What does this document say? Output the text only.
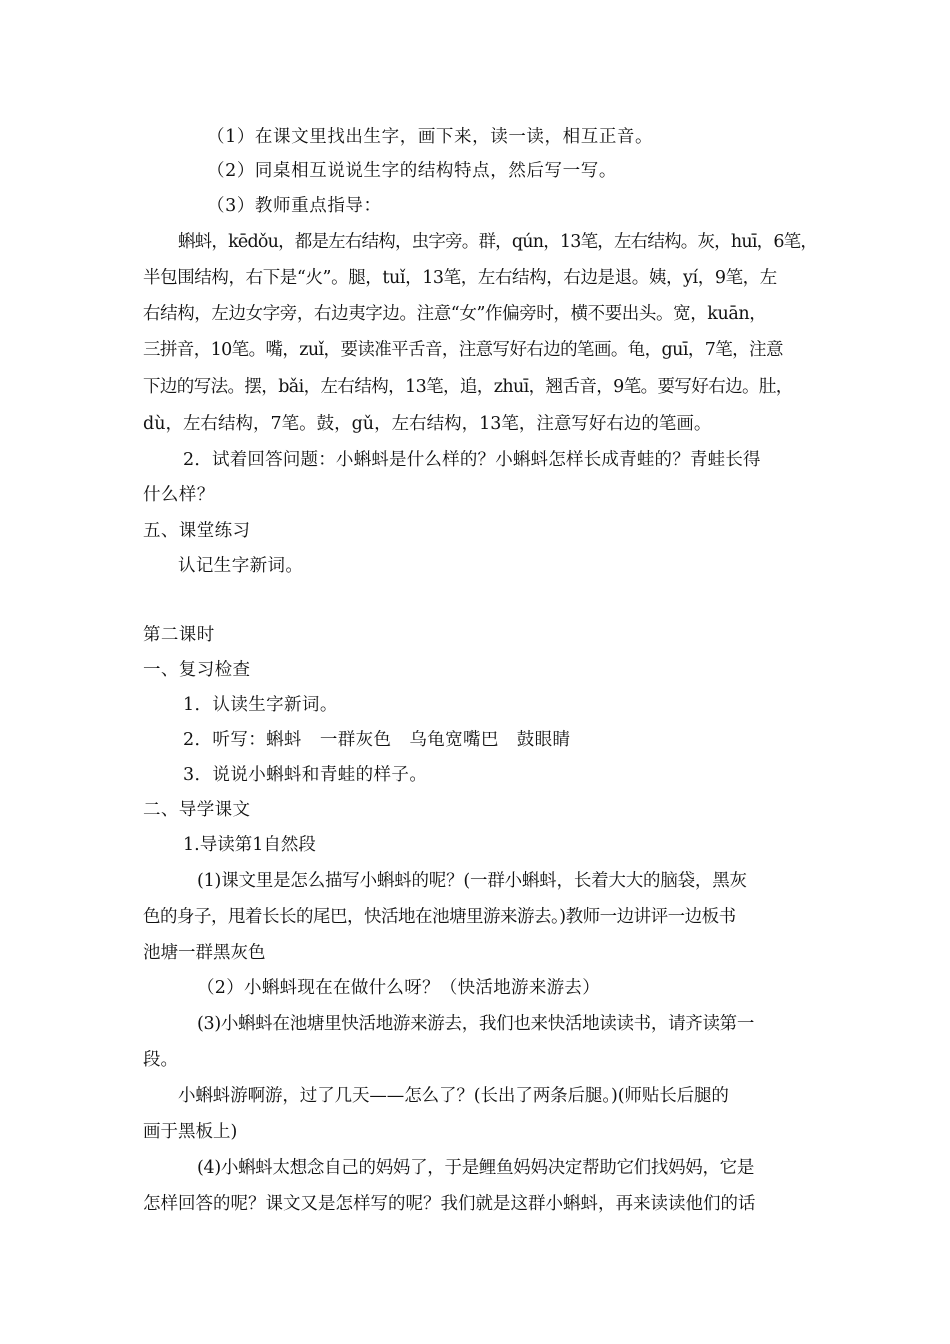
（1）在课文里找出生字，画下来，读一读，相互正音。
（2）同桌相互说说生字的结构特点，然后写一写。
（3）教师重点指导：
蝌蚪，kēdǒu，都是左右结构，虫字旁。群，qún，13笔，左右结构。灰，huī，6笔，
半包围结构，右下是“火”。腿，tuǐ，13笔，左右结构，右边是退。姨，yí，9笔，左
右结构，左边女字旁，右边夷字边。注意“女”作偏旁时，横不要出头。宽，kuān，
三拼音，10笔。嘴，zuǐ，要读准平舌音，注意写好右边的笔画。龟，guī，7笔，注意
下边的写法。摆，bǎi，左右结构，13笔，追，zhuī，翘舌音，9笔。要写好右边。肚，
dù，左右结构，7笔。鼓，gǔ，左右结构，13笔，注意写好右边的笔画。
2．试着回答问题：小蝌蚪是什么样的？小蝌蚪怎样长成青蛙的？青蛙长得
什么样？
五、课堂练习
认记生字新词。
第二课时
一、复习检查
1．认读生字新词。
2．听写：蝌蚪　一群灰色　乌龟宽嘴巴　鼓眼睛
3．说说小蝌蚪和青蛙的样子。
二、导学课文
1.导读第1自然段
(1)课文里是怎么描写小蝌蚪的呢？(一群小蝌蚪，长着大大的脑袋，黑灰
色的身子，甩着长长的尾巴，快活地在池塘里游来游去。)教师一边讲评一边板书
池塘一群黑灰色
（2）小蝌蚪现在在做什么呀？（快活地游来游去）
(3)小蝌蚪在池塘里快活地游来游去，我们也来快活地读读书，请齐读第一
段。
小蝌蚪游啊游，过了几天——怎么了？(长出了两条后腿。)(师贴长后腿的
画于黑板上)
(4)小蝌蚪太想念自己的妈妈了，于是鲤鱼妈妈决定帮助它们找妈妈，它是
怎样回答的呢？课文又是怎样写的呢？我们就是这群小蝌蚪，再来读读他们的话
